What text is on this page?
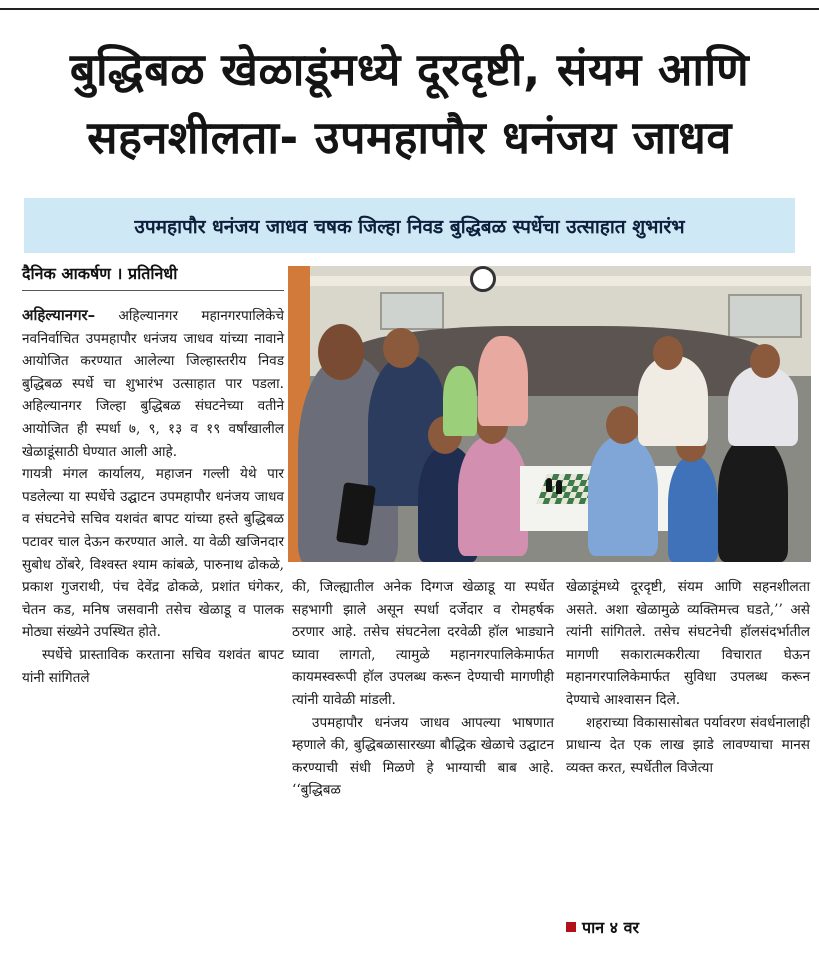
बुद्धिबळ खेळाडूंमध्ये दूरदृष्टी, संयम आणि
सहनशीलता- उपमहापौर धनंजय जाधव
उपमहापौर धनंजय जाधव चषक जिल्हा निवड बुद्धिबळ स्पर्धेचा उत्साहात शुभारंभ
दैनिक आकर्षण । प्रतिनिधी

अहिल्यानगर– अहिल्यानगर महानगरपालिकेचे नवनिर्वाचित उपमहापौर धनंजय जाधव यांच्या नावाने आयोजित करण्यात आलेल्या जिल्हास्तरीय निवड बुद्धिबळ स्पर्धे चा शुभारंभ उत्साहात पार पडला. अहिल्यानगर जिल्हा बुद्धिबळ संघटनेच्या वतीने आयोजित ही स्पर्धा ७, ९, १३ व १९ वर्षांखालील खेळाडूंसाठी घेण्यात आली आहे.

गायत्री मंगल कार्यालय, महाजन गल्ली येथे पार पडलेल्या या स्पर्धेचे उद्घाटन उपमहापौर धनंजय जाधव व संघटनेचे सचिव यशवंत बापट यांच्या हस्ते बुद्धिबळ पटावर चाल देऊन करण्यात आले. या वेळी खजिनदार सुबोध ठोंबरे, विश्वस्त श्याम कांबळे, पारुनाथ ढोकळे, प्रकाश गुजराथी, पंच देवेंद्र ढोकळे, प्रशांत घंगेकर, चेतन कड, मनिष जसवानी तसेच खेळाडू व पालक मोठ्या संख्येने उपस्थित होते.

स्पर्धेचे प्रास्ताविक करताना सचिव यशवंत बापट यांनी सांगितले

की, जिल्ह्यातील अनेक दिग्गज खेळाडू या स्पर्धेत सहभागी झाले असून स्पर्धा दर्जेदार व रोमहर्षक ठरणार आहे. तसेच संघटनेला दरवेळी हॉल भाड्याने घ्यावा लागतो, त्यामुळे महानगरपालिकेमार्फत कायमस्वरूपी हॉल उपलब्ध करून देण्याची मागणीही त्यांनी यावेळी मांडली.

उपमहापौर धनंजय जाधव आपल्या भाषणात म्हणाले की, बुद्धिबळासारख्या बौद्धिक खेळाचे उद्घाटन करण्याची संधी मिळणे हे भाग्याची बाब आहे. ‘‘बुद्धिबळ

खेळाडूंमध्ये दूरदृष्टी, संयम आणि सहनशीलता असते. अशा खेळामुळे व्यक्तिमत्त्व घडते,’’ असे त्यांनी सांगितले. तसेच संघटनेची हॉलसंदर्भातील मागणी सकारात्मकरीत्या विचारात घेऊन महानगरपालिकेमार्फत सुविधा उपलब्ध करून देण्याचे आश्वासन दिले.

शहराच्या विकासासोबत पर्यावरण संवर्धनालाही प्राधान्य देत एक लाख झाडे लावण्याचा मानस व्यक्त करत, स्पर्धेतील विजेत्या

पान ४ वर
